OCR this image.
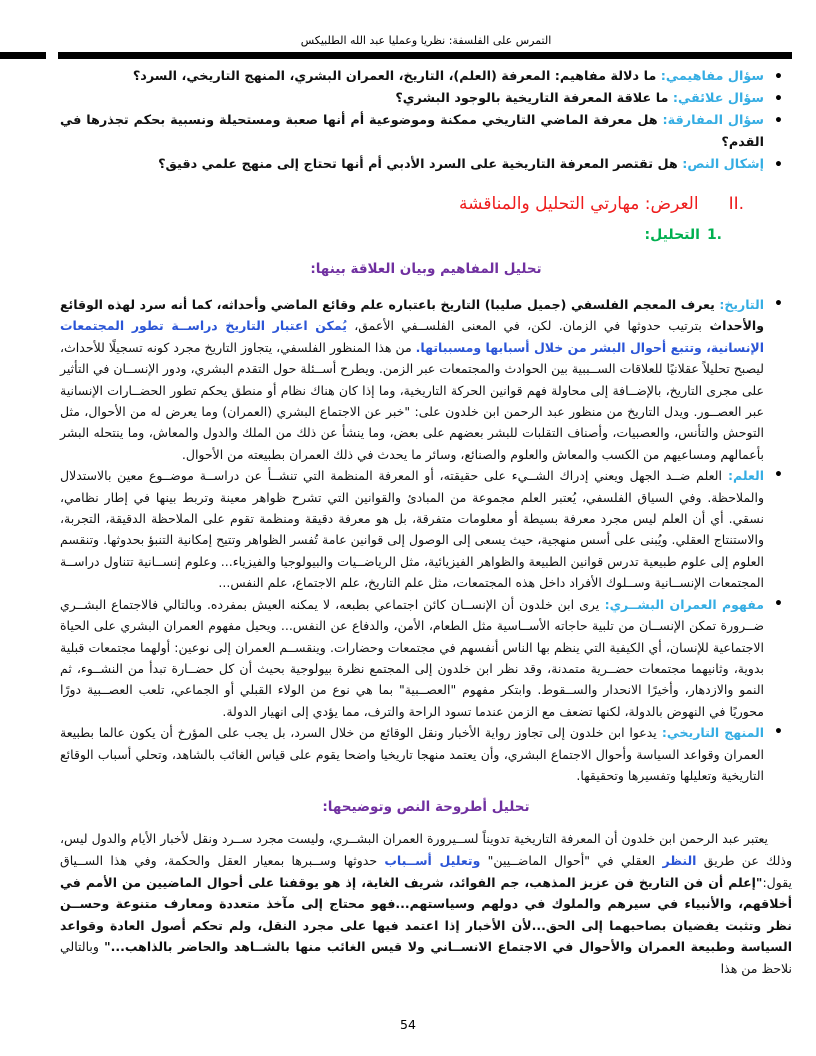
التمرس على الفلسفة: نظريا وعمليا عبد الله الطلبيكس
•
سؤال مفاهيمي: ما دلالة مفاهيم: المعرفة (العلم)، التاريخ، العمران البشري، المنهج التاريخي، السرد؟
•
سؤال علائقي: ما علاقة المعرفة التاريخية بالوجود البشري؟
•
سؤال المفارقة: هل معرفة الماضي التاريخي ممكنة وموضوعية أم أنها صعبة ومستحيلة ونسبية بحكم تجذرها في القدم؟
•
إشكال النص: هل تقتصر المعرفة التاريخية على السرد الأدبي أم أنها تحتاج إلى منهج علمي دقيق؟
II.
العرض: مهارتي التحليل والمناقشة
1.
التحليل:
تحليل المفاهيم وبيان العلاقة بينها:
•
التاريخ: يعرف المعجم الفلسفي (جميل صليبا) التاريخ باعتباره علم وقائع الماضي وأحداثه، كما أنه سرد لهذه الوقائع والأحداث بترتيب حدوثها في الزمان. لكن، في المعنى الفلســفي الأعمق، يُمكن اعتبار التاريخ دراســة تطور المجتمعات الإنسانية، وتتبع أحوال البشر من خلال أسبابها ومسبباتها. من هذا المنظور الفلسفي، يتجاوز التاريخ مجرد كونه تسجيلًا للأحداث، ليصبح تحليلاً عقلانيًا للعلاقات الســببية بين الحوادث والمجتمعات عبر الزمن. ويطرح أســئلة حول التقدم البشري، ودور الإنســان في التأثير على مجرى التاريخ، بالإضــافة إلى محاولة فهم قوانين الحركة التاريخية، وما إذا كان هناك نظام أو منطق يحكم تطور الحضــارات الإنسانية عبر العصــور. ويدل التاريخ من منظور عبد الرحمن ابن خلدون على: "خبر عن الاجتماع البشري (العمران) وما يعرض له من الأحوال، مثل التوحش والتأنس، والعصبيات، وأصناف التقلبات للبشر بعضهم على بعض، وما ينشأ عن ذلك من الملك والدول والمعاش، وما ينتحله البشر بأعمالهم ومساعيهم من الكسب والمعاش والعلوم والصنائع، وسائر ما يحدث في ذلك العمران بطبيعته من الأحوال.
•
العلم: العلم ضــد الجهل ويعني إدراك الشــيء على حقيقته، أو المعرفة المنظمة التي تنشــأ عن دراســة موضــوع معين بالاستدلال والملاحظة. وفي السياق الفلسفي، يُعتبر العلم مجموعة من المبادئ والقوانين التي تشرح ظواهر معينة وتربط بينها في إطار نظامي، نسقي. أي أن العلم ليس مجرد معرفة بسيطة أو معلومات متفرقة، بل هو معرفة دقيقة ومنظمة تقوم على الملاحظة الدقيقة، التجربة، والاستنتاج العقلي. ويُبنى على أسس منهجية، حيث يسعى إلى الوصول إلى قوانين عامة تُفسر الظواهر وتتيح إمكانية التنبؤ بحدوثها. وتنقسم العلوم إلى علوم طبيعية تدرس قوانين الطبيعة والظواهر الفيزيائية، مثل الرياضــيات والبيولوجيا والفيزياء... وعلوم إنســانية تتناول دراســة المجتمعات الإنســانية وســلوك الأفراد داخل هذه المجتمعات، مثل علم التاريخ، علم الاجتماع، علم النفس...
•
مفهوم العمران البشــري: يرى ابن خلدون أن الإنســان كائن اجتماعي بطبعه، لا يمكنه العيش بمفرده. وبالتالي فالاجتماع البشــري ضــرورة تمكن الإنســان من تلبية حاجاته الأســاسية مثل الطعام، الأمن، والدفاع عن النفس... ويحيل مفهوم العمران البشري على الحياة الاجتماعية للإنسان، أي الكيفية التي ينظم بها الناس أنفسهم في مجتمعات وحضارات. وينقســم العمران إلى نوعين: أولهما مجتمعات قبلية بدوية، وثانيهما مجتمعات حضــرية متمدنة، وقد نظر ابن خلدون إلى المجتمع نظرة بيولوجية بحيث أن كل حضــارة تبدأ من النشــوء، ثم النمو والازدهار، وأخيرًا الانحدار والســقوط. وابتكر مفهوم "العصــبية" بما هي نوع من الولاء القبلي أو الجماعي، تلعب العصــبية دورًا محوريًا في النهوض بالدولة، لكنها تضعف مع الزمن عندما تسود الراحة والترف، مما يؤدي إلى انهيار الدولة.
•
المنهج التاريخي: يدعوا ابن خلدون إلى تجاوز رواية الأخبار ونقل الوقائع من خلال السرد، بل يجب على المؤرخ أن يكون عالما بطبيعة العمران وقواعد السياسة وأحوال الاجتماع البشري، وأن يعتمد منهجا تاريخيا واضحا يقوم على قياس الغائب بالشاهد، وتحلي أسباب الوقائع التاريخية وتعليلها وتفسيرها وتحقيقها.
تحليل أطروحة النص وتوضيحها:

يعتبر عبد الرحمن ابن خلدون أن المعرفة التاريخية تدويناً لســيرورة العمران البشــري، وليست مجرد ســرد ونقل لأخبار الأيام والدول ليس، وذلك عن طريق النظر العقلي في "أحوال الماضــيين" وتعليل أســباب حدوثها وســبرها بمعيار العقل والحكمة، وفي هذا الســياق يقول:"إعلم أن فن التاريخ فن عزيز المذهب، جم الفوائد، شريف الغاية، إذ هو يوقفنا على أحوال الماضيين من الأمم في أخلاقهم، والأنبياء في سيرهم والملوك في دولهم وسياستهم...فهو محتاج إلى مآخذ متعددة ومعارف متنوعة وحســن نظر وتثبت يفضيان بصاحبهما إلى الحق...لأن الأخبار إذا اعتمد فيها على مجرد النقل، ولم تحكم أصول العادة وقواعد السياسة وطبيعة العمران والأحوال في الاجتماع الانســاني ولا قيس الغائب منها بالشــاهد والحاضر بالذاهب..." وبالتالي نلاحظ من هذا

54
